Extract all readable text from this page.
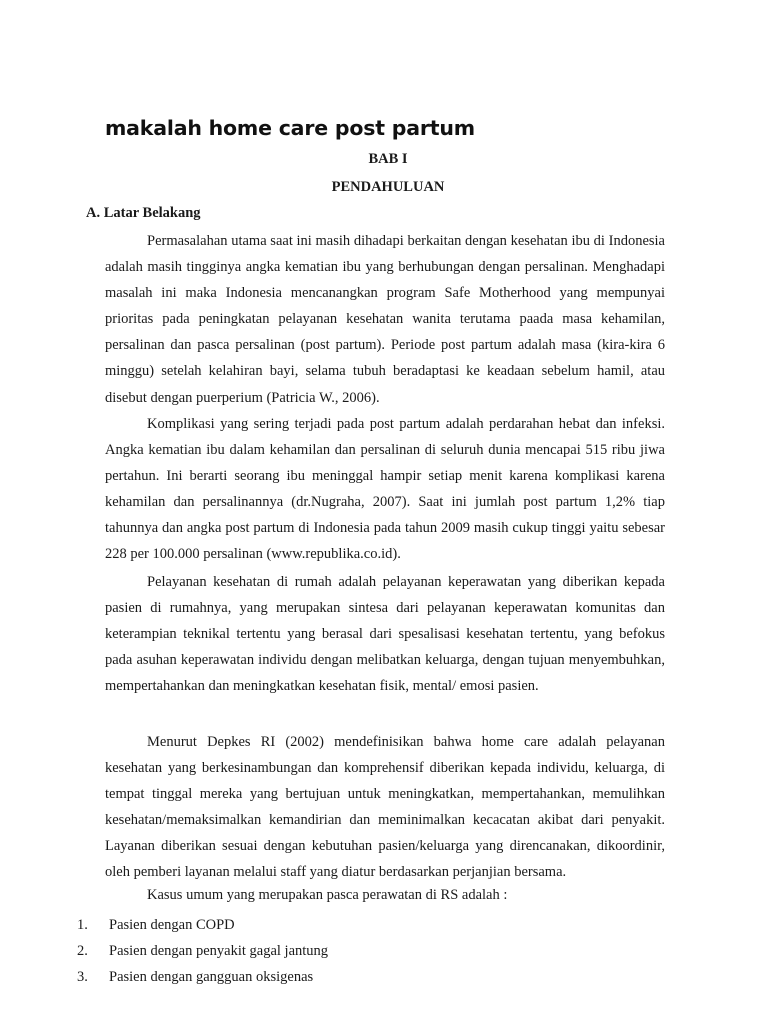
makalah home care post partum

BAB I

PENDAHULUAN

A. Latar Belakang

Permasalahan utama saat ini masih dihadapi berkaitan dengan kesehatan ibu di Indonesia adalah masih tingginya angka kematian ibu yang berhubungan dengan persalinan. Menghadapi masalah ini maka Indonesia mencanangkan program Safe Motherhood yang mempunyai prioritas pada peningkatan pelayanan kesehatan wanita terutama paada masa kehamilan, persalinan dan pasca persalinan (post partum). Periode post partum adalah masa (kira-kira 6 minggu) setelah kelahiran bayi, selama tubuh beradaptasi ke keadaan sebelum hamil, atau disebut dengan puerperium (Patricia W., 2006).

Komplikasi yang sering terjadi pada post partum adalah perdarahan hebat dan infeksi. Angka kematian ibu dalam kehamilan dan persalinan di seluruh dunia mencapai 515 ribu jiwa pertahun. Ini berarti seorang ibu meninggal hampir setiap menit karena komplikasi karena kehamilan dan persalinannya (dr.Nugraha, 2007). Saat ini jumlah post partum 1,2% tiap tahunnya dan angka post partum di Indonesia pada tahun 2009 masih cukup tinggi yaitu sebesar 228 per 100.000 persalinan (www.republika.co.id).

Pelayanan kesehatan di rumah adalah pelayanan keperawatan yang diberikan kepada pasien di rumahnya, yang merupakan sintesa dari pelayanan keperawatan komunitas dan keterampian teknikal tertentu yang berasal dari spesalisasi kesehatan tertentu, yang befokus pada asuhan keperawatan individu dengan melibatkan keluarga, dengan tujuan menyembuhkan, mempertahankan dan meningkatkan kesehatan fisik, mental/ emosi pasien.

Menurut Depkes RI (2002) mendefinisikan bahwa home care adalah pelayanan kesehatan yang berkesinambungan dan komprehensif diberikan kepada individu, keluarga, di tempat tinggal mereka yang bertujuan untuk meningkatkan, mempertahankan, memulihkan kesehatan/memaksimalkan kemandirian dan meminimalkan kecacatan akibat dari penyakit. Layanan diberikan sesuai dengan kebutuhan pasien/keluarga yang direncanakan, dikoordinir, oleh pemberi layanan melalui staff yang diatur berdasarkan perjanjian bersama.

Kasus umum yang merupakan pasca perawatan di RS adalah :

1. Pasien dengan COPD
2. Pasien dengan penyakit gagal jantung
3. Pasien dengan gangguan oksigenas
